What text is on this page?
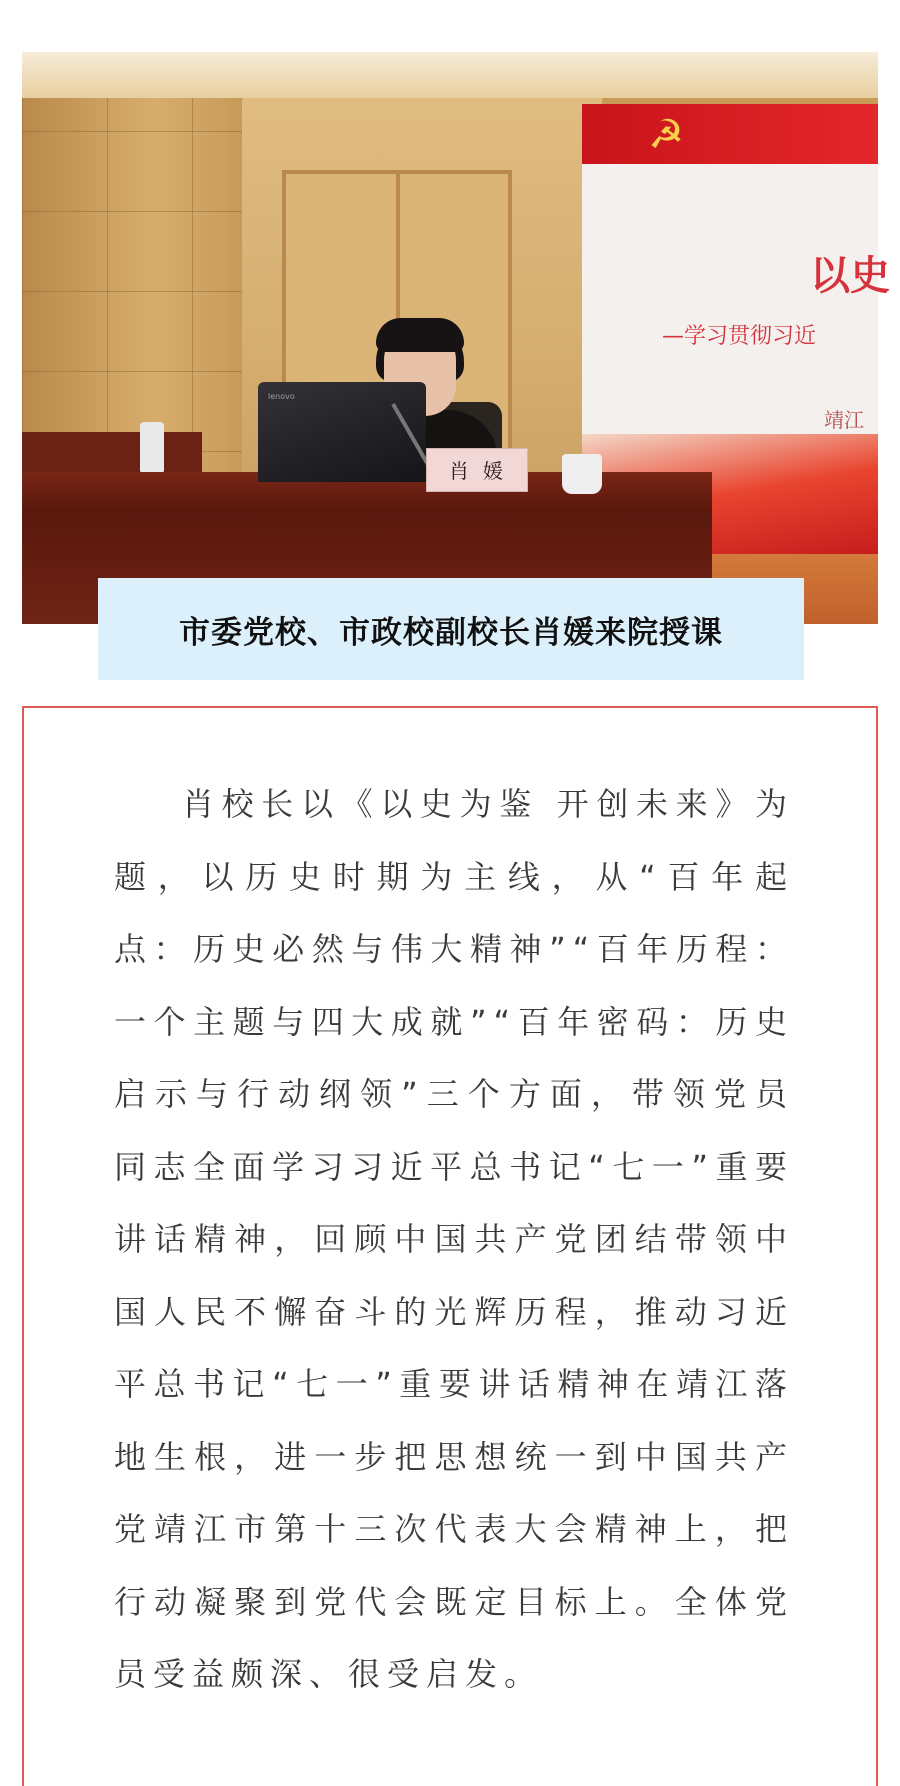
☭
以史
—学习贯彻习近
靖江
lenovo
肖媛
市委党校、市政校副校长肖媛来院授课

肖校长以《以史为鉴 开创未来》为题，以历史时期为主线，从“百年起点：历史必然与伟大精神”“百年历程：一个主题与四大成就”“百年密码：历史启示与行动纲领”三个方面，带领党员同志全面学习习近平总书记“七一”重要讲话精神，回顾中国共产党团结带领中国人民不懈奋斗的光辉历程，推动习近平总书记“七一”重要讲话精神在靖江落地生根，进一步把思想统一到中国共产党靖江市第十三次代表大会精神上，把行动凝聚到党代会既定目标上。全体党员受益颇深、很受启发。
